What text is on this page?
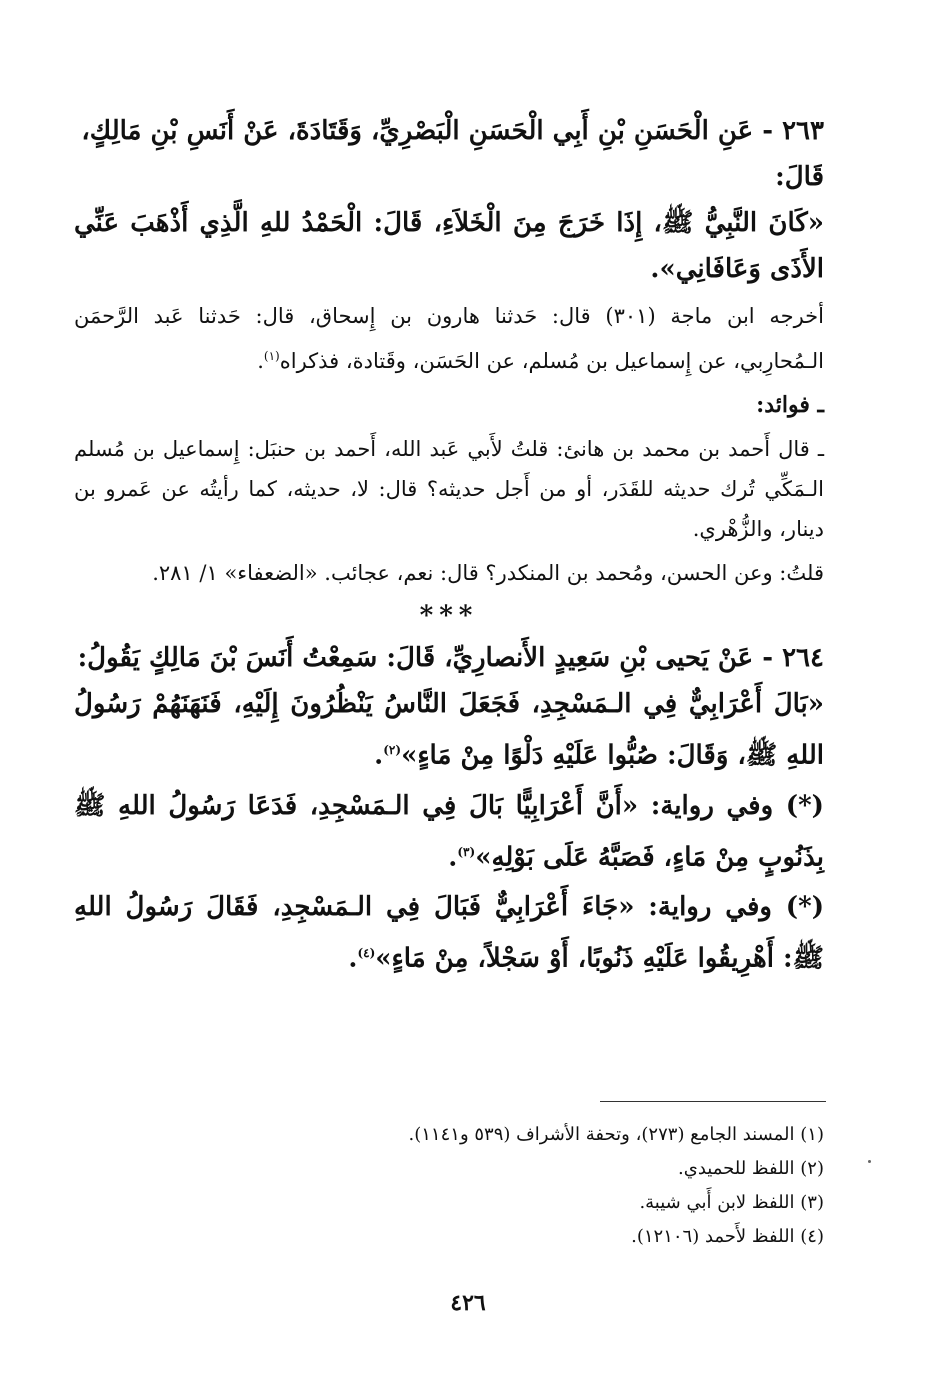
٢٦٣ - عَنِ الْحَسَنِ بْنِ أَبِي الْحَسَنِ الْبَصْرِيِّ، وَقَتَادَةَ، عَنْ أَنَسِ بْنِ مَالِكٍ،

قَالَ:

«كَانَ النَّبِيُّ ﷺ، إِذَا خَرَجَ مِنَ الْخَلاَءِ، قَالَ: الْحَمْدُ للهِ الَّذِي أَذْهَبَ عَنِّي الأَذَى وَعَافَانِي».

أخرجه ابن ماجة (٣٠١) قال: حَدثنا هارون بن إِسحاق، قال: حَدثنا عَبد الرَّحمَن الـمُحارِبي، عن إِسماعيل بن مُسلم، عن الحَسَن، وقَتادة، فذكراه$^{(١)}$.

ـ فوائد:

ـ قال أَحمد بن محمد بن هانئ: قلتُ لأَبي عَبد الله، أَحمد بن حنبَل: إِسماعيل بن مُسلم الـمَكِّي تُرك حديثه للقَدَر، أو من أَجل حديثه؟ قال: لا، حديثه، كما رأيتُه عن عَمرو بن دينار، والزُّهْري.

قلتُ: وعن الحسن، ومُحمد بن المنكدر؟ قال: نعم، عجائب. «الضعفاء» ١/ ٢٨١.

***

٢٦٤ - عَنْ يَحيى بْنِ سَعِيدٍ الأَنصارِيِّ، قَالَ: سَمِعْتُ أَنَسَ بْنَ مَالِكٍ يَقُولُ:

«بَالَ أَعْرَابِيٌّ فِي الـمَسْجِدِ، فَجَعَلَ النَّاسُ يَنْظُرُونَ إِلَيْهِ، فَنَهَنَهُمْ رَسُولُ اللهِ ﷺ، وَقَالَ: صُبُّوا عَلَيْهِ دَلْوًا مِنْ مَاءٍ»$^{(٢)}$.

(*) وفي رواية: «أَنَّ أَعْرَابِيًّا بَالَ فِي الـمَسْجِدِ، فَدَعَا رَسُولُ اللهِ ﷺ بِذَنُوبٍ مِنْ مَاءٍ، فَصَبَّهُ عَلَى بَوْلِهِ»$^{(٣)}$.

(*) وفي رواية: «جَاءَ أَعْرَابِيٌّ فَبَالَ فِي الـمَسْجِدِ، فَقَالَ رَسُولُ اللهِ ﷺ: أَهْرِيقُوا عَلَيْهِ ذَنُوبًا، أَوْ سَجْلاً، مِنْ مَاءٍ»$^{(٤)}$.

(١) المسند الجامع (٢٧٣)، وتحفة الأشراف (٥٣٩ و١١٤١).

(٢) اللفظ للحميدي.

(٣) اللفظ لابن أَبي شيبة.

(٤) اللفظ لأَحمد (١٢١٠٦).

٤٢٦
